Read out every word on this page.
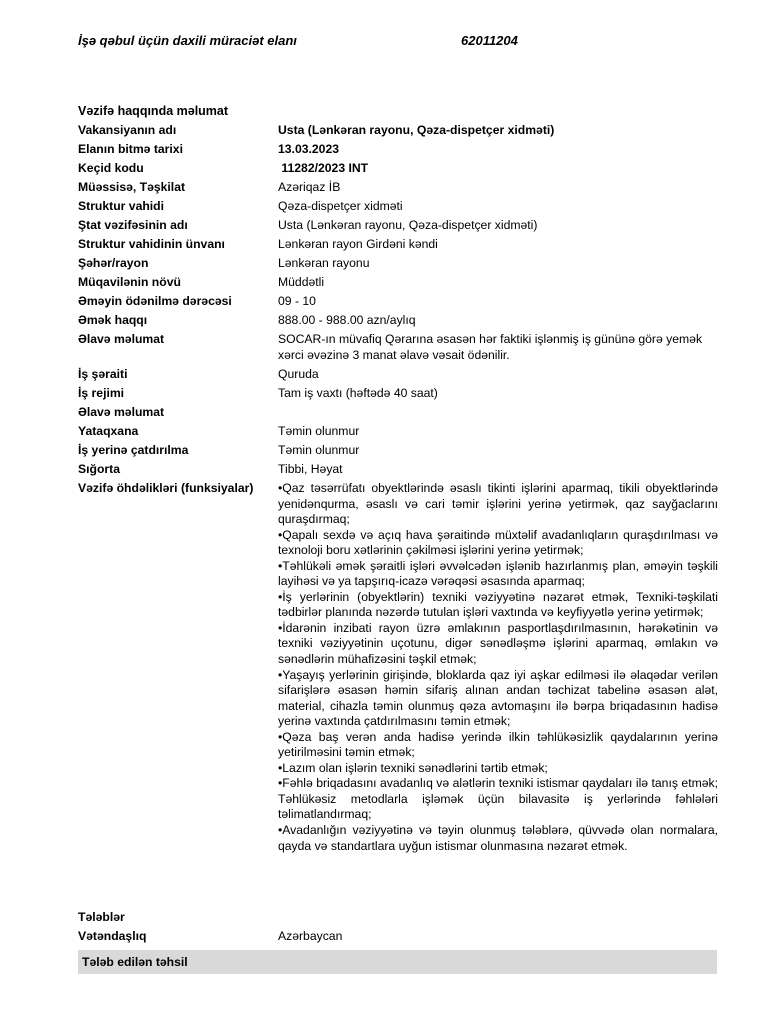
İşə qəbul üçün daxili müraciət elanı	62011204
Vəzifə haqqında məlumat
Vakansiyanın adı	Usta (Lənkəran rayonu, Qəza-dispetçer xidməti)
Elanın bitmə tarixi	13.03.2023
Keçid kodu	11282/2023 INT
Müəssisə, Təşkilat	Azəriqaz İB
Struktur vahidi	Qəza-dispetçer xidməti
Ştat vəzifəsinin adı	Usta (Lənkəran rayonu, Qəza-dispetçer xidməti)
Struktur vahidinin ünvanı	Lənkəran rayon Girdəni kəndi
Şəhər/rayon	Lənkəran rayonu
Müqavilənin növü	Müddətli
Əməyin ödənilmə dərəcəsi	09 - 10
Əmək haqqı	888.00 - 988.00 azn/aylıq
Əlavə məlumat	SOCAR-ın müvafiq Qərarına əsasən hər faktiki işlənmiş iş gününə görə yemək xərci əvəzinə 3 manat əlavə vəsait ödənilir.
İş şəraiti	Quruda
İş rejimi	Tam iş vaxtı (həftədə 40 saat)
Əlavə məlumat
Yataqxana	Təmin olunmur
İş yerinə çatdırılma	Təmin olunmur
Sığorta	Tibbi, Həyat
Vəzifə öhdəlikləri (funksiyalar)	•Qaz təsərrüfatı obyektlərində əsaslı tikinti işlərini aparmaq, tikili obyektlərində yenidənqurma, əsaslı və cari təmir işlərini yerinə yetirmək, qaz sayğaclarını quraşdırmaq;

•Qapalı sexdə və açıq hava şəraitində müxtəlif avadanlıqların quraşdırılması və texnoloji boru xətlərinin çəkilməsi işlərini yerinə yetirmək;

•Təhlükəli əmək şəraitli işləri əvvəlcədən işlənib hazırlanmış plan, əməyin təşkili layihəsi və ya tapşırıq-icazə vərəqəsi əsasında aparmaq;

•İş yerlərinin (obyektlərin) texniki vəziyyətinə nəzarət etmək, Texniki-təşkilati tədbirlər planında nəzərdə tutulan işləri vaxtında və keyfiyyətlə yerinə yetirmək;

•İdarənin inzibati rayon üzrə əmlakının pasportlaşdırılmasının, hərəkətinin və texniki vəziyyətinin uçotunu, digər sənədləşmə işlərini aparmaq, əmlakın və sənədlərin mühafizəsini təşkil etmək;

•Yaşayış yerlərinin girişində, bloklarda qaz iyi aşkar edilməsi ilə əlaqədar verilən sifarişlərə əsasən həmin sifariş alınan andan təchizat tabelinə əsasən alət, material, cihazla təmin olunmuş qəza avtomaşını ilə bərpa briqadasının hadisə yerinə vaxtında çatdırılmasını təmin etmək;

•Qəza baş verən anda hadisə yerində ilkin təhlükəsizlik qaydalarının yerinə yetirilməsini təmin etmək;

•Lazım olan işlərin texniki sənədlərini tərtib etmək;

•Fəhlə briqadasını avadanlıq və alətlərin texniki istismar qaydaları ilə tanış etmək; Təhlükəsiz metodlarla işləmək üçün bilavasitə iş yerlərində fəhlələri təlimatlandırmaq;

•Avadanlığın vəziyyətinə və təyin olunmuş tələblərə, qüvvədə olan normalara, qayda və standartlara uyğun istismar olunmasına nəzarət etmək.

Tələblər
Vətəndaşlıq	Azərbaycan
Tələb edilən təhsil
